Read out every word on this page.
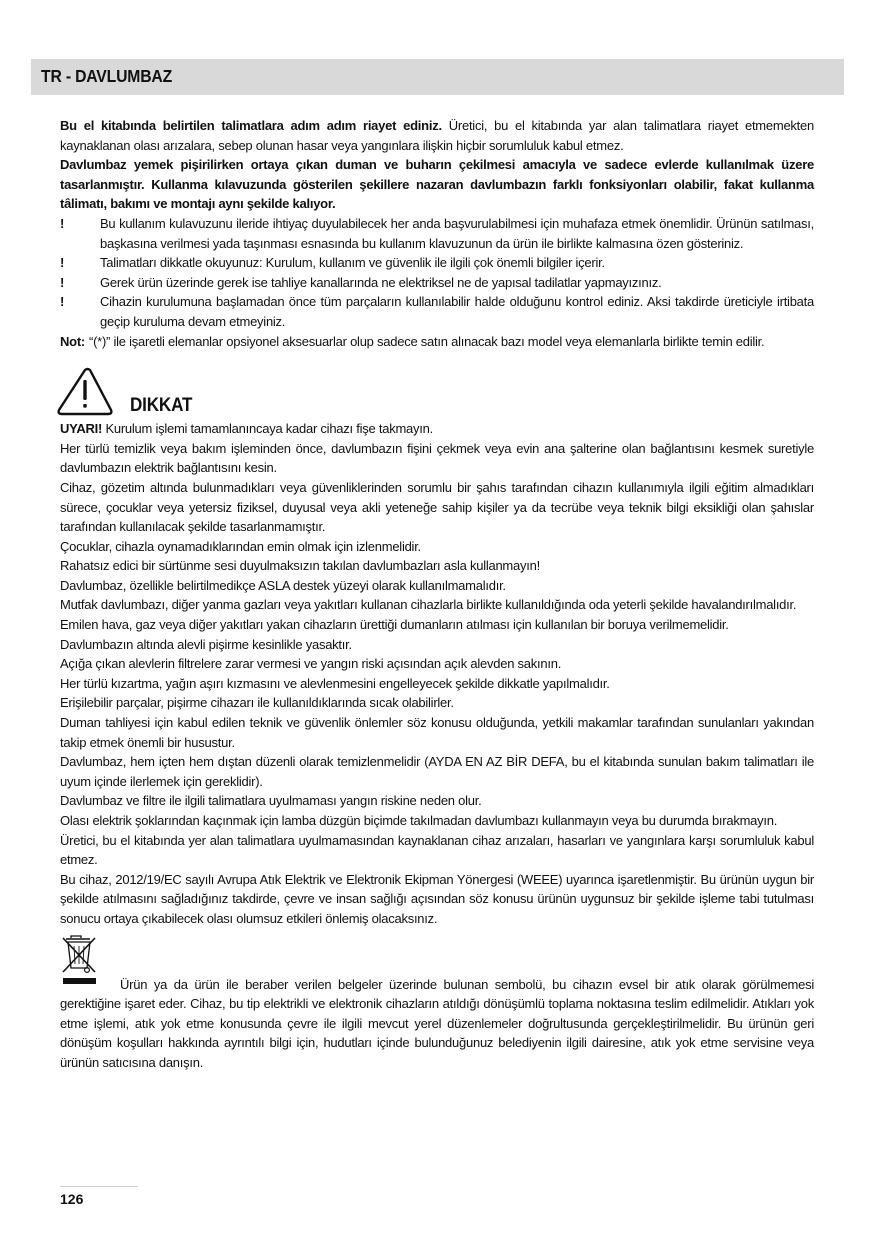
TR - DAVLUMBAZ

Bu el kitabında belirtilen talimatlara adım adım riayet ediniz. Üretici, bu el kitabında yar alan talimatlara riayet etmemekten kaynaklanan olası arızalara, sebep olunan hasar veya yangınlara ilişkin hiçbir sorumluluk kabul etmez.

Davlumbaz yemek pişirilirken ortaya çıkan duman ve buharın çekilmesi amacıyla ve sadece evlerde kullanılmak üzere tasarlanmıştır. Kullanma kılavuzunda gösterilen şekillere nazaran davlumbazın farklı fonksiyonları olabilir, fakat kullanma tâlimatı, bakımı ve montajı aynı şekilde kalıyor.

!	Bu kullanım kulavuzunu ileride ihtiyaç duyulabilecek her anda başvurulabilmesi için muhafaza etmek önemlidir. Ürünün satılması, başkasına verilmesi yada taşınması esnasında bu kullanım klavuzunun da ürün ile birlikte kalmasına özen gösteriniz.
!	Talimatları dikkatle okuyunuz: Kurulum, kullanım ve güvenlik ile ilgili çok önemli bilgiler içerir.
!	Gerek ürün üzerinde gerek ise tahliye kanallarında ne elektriksel ne de yapısal tadilatlar yapmayızınız.
!	Cihazin kurulumuna başlamadan önce tüm parçaların kullanılabilir halde olduğunu kontrol ediniz. Aksi takdirde üreticiyle irtibata geçip kuruluma devam etmeyiniz.
Not: “(*)” ile işaretli elemanlar opsiyonel aksesuarlar olup sadece satın alınacak bazı model veya elemanlarla birlikte temin edilir.
DIKKAT

UYARI! Kurulum işlemi tamamlanıncaya kadar cihazı fişe takmayın.

Her türlü temizlik veya bakım işleminden önce, davlumbazın fişini çekmek veya evin ana şalterine olan bağlantısını kesmek suretiyle davlumbazın elektrik bağlantısını kesin.

Cihaz, gözetim altında bulunmadıkları veya güvenliklerinden sorumlu bir şahıs tarafından cihazın kullanımıyla ilgili eğitim almadıkları sürece, çocuklar veya yetersiz fiziksel, duyusal veya akli yeteneğe sahip kişiler ya da tecrübe veya teknik bilgi eksikliği olan şahıslar tarafından kullanılacak şekilde tasarlanmamıştır.

Çocuklar, cihazla oynamadıklarından emin olmak için izlenmelidir.

Rahatsız edici bir sürtünme sesi duyulmaksızın takılan davlumbazları asla kullanmayın!

Davlumbaz, özellikle belirtilmedikçe ASLA destek yüzeyi olarak kullanılmamalıdır.

Mutfak davlumbazı, diğer yanma gazları veya yakıtları kullanan cihazlarla birlikte kullanıldığında oda yeterli şekilde havalandırılmalıdır.

Emilen hava, gaz veya diğer yakıtları yakan cihazların ürettiği dumanların atılması için kullanılan bir boruya verilmemelidir.

Davlumbazın altında alevli pişirme kesinlikle yasaktır.

Açığa çıkan alevlerin filtrelere zarar vermesi ve yangın riski açısından açık alevden sakının.

Her türlü kızartma, yağın aşırı kızmasını ve alevlenmesini engelleyecek şekilde dikkatle yapılmalıdır.

Erişilebilir parçalar, pişirme cihazarı ile kullanıldıklarında sıcak olabilirler.

Duman tahliyesi için kabul edilen teknik ve güvenlik önlemler söz konusu olduğunda, yetkili makamlar tarafından sunulanları yakından takip etmek önemli bir husustur.

Davlumbaz, hem içten hem dıştan düzenli olarak temizlenmelidir (AYDA EN AZ BİR DEFA, bu el kitabında sunulan bakım talimatları ile uyum içinde ilerlemek için gereklidir).

Davlumbaz ve filtre ile ilgili talimatlara uyulmaması yangın riskine neden olur.

Olası elektrik şoklarından kaçınmak için lamba düzgün biçimde takılmadan davlumbazı kullanmayın veya bu durumda bırakmayın.

Üretici, bu el kitabında yer alan talimatlara uyulmamasından kaynaklanan cihaz arızaları, hasarları ve yangınlara karşı sorumluluk kabul etmez.

Bu cihaz, 2012/19/EC sayılı Avrupa Atık Elektrik ve Elektronik Ekipman Yönergesi (WEEE) uyarınca işaretlenmiştir. Bu ürünün uygun bir şekilde atılmasını sağladığınız takdirde, çevre ve insan sağlığı açısından söz konusu ürünün uygunsuz bir şekilde işleme tabi tutulması sonucu ortaya çıkabilecek olası olumsuz etkileri önlemiş olacaksınız.

Ürün ya da ürün ile beraber verilen belgeler üzerinde bulunan sembolü, bu cihazın evsel bir atık olarak görülmemesi gerektiğine işaret eder. Cihaz, bu tip elektrikli ve elektronik cihazların atıldığı dönüşümlü toplama noktasına teslim edilmelidir. Atıkları yok etme işlemi, atık yok etme konusunda çevre ile ilgili mevcut yerel düzenlemeler doğrultusunda gerçekleştirilmelidir. Bu ürünün geri dönüşüm koşulları hakkında ayrıntılı bilgi için, hudutları içinde bulunduğunuz belediyenin ilgili dairesine, atık yok etme servisine veya ürünün satıcısına danışın.

126
